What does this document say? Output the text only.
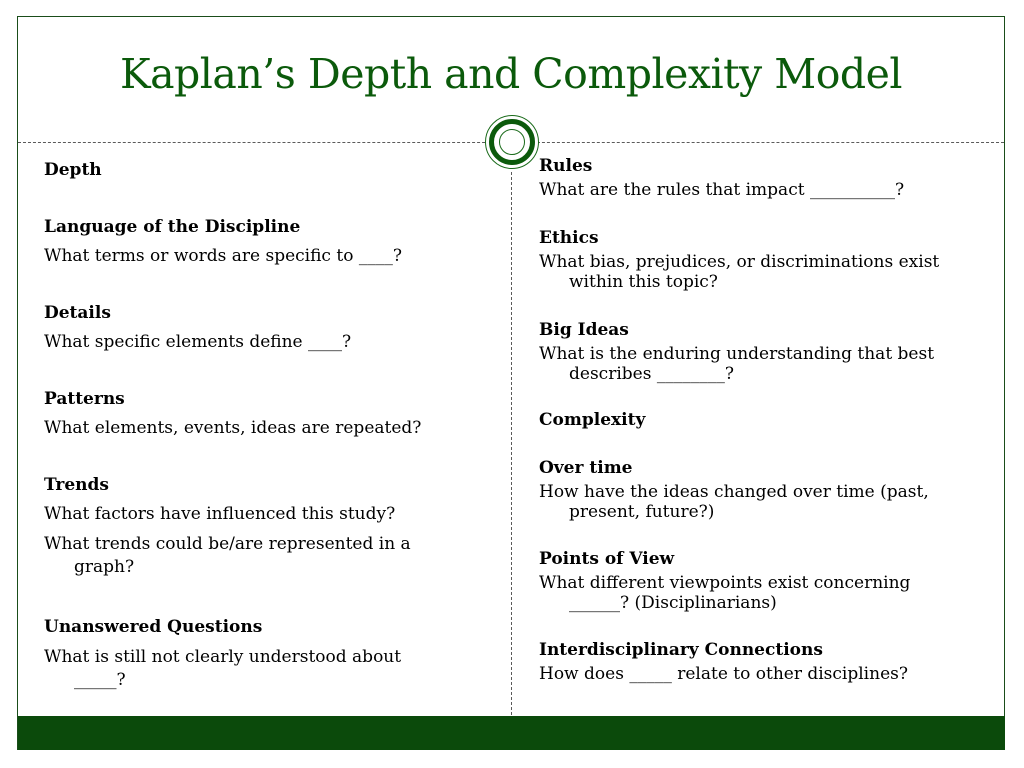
Kaplan’s Depth and Complexity Model

Depth

Language of the Discipline

What terms or words are specific to ____?

Details

What specific elements define ____?

Patterns

What elements, events, ideas are repeated?

Trends

What factors have influenced this study?

What trends could be/are represented in a graph?

Unanswered Questions

What is still not clearly understood about _____?

Rules

What are the rules that impact __________?

Ethics

What bias, prejudices, or discriminations exist within this topic?

Big Ideas

What is the enduring understanding that best describes ________?

Complexity

Over time

How have the ideas changed over time (past, present, future?)

Points of View

What different viewpoints exist concerning ______? (Disciplinarians)

Interdisciplinary Connections

How does _____ relate to other disciplines?
